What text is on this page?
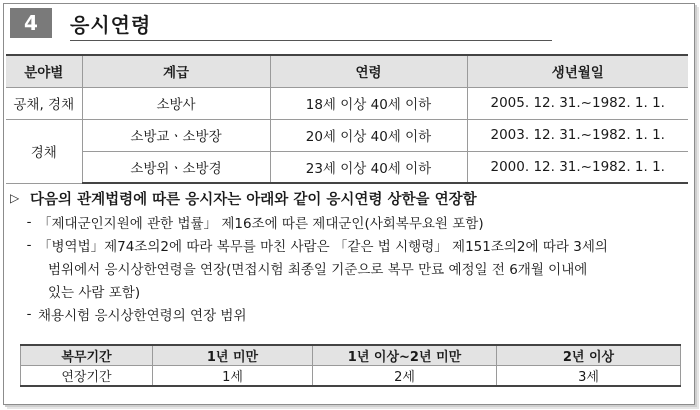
4	응시연령
분야별	계급	연령	생년월일
공채, 경채	소방사	18세 이상 40세 이하	2005. 12. 31.~1982. 1. 1.
경채	소방교ㆍ소방장	20세 이상 40세 이하	2003. 12. 31.~1982. 1. 1.
	소방위ㆍ소방경	23세 이상 40세 이하	2000. 12. 31.~1982. 1. 1.
▷ 다음의 관계법령에 따른 응시자는 아래와 같이 응시연령 상한을 연장함
- 「제대군인지원에 관한 법률」 제16조에 따른 제대군인(사회복무요원 포함)
- 「병역법」제74조의2에 따라 복무를 마친 사람은 「같은 법 시행령」 제151조의2에 따라 3세의
범위에서 응시상한연령을 연장(면접시험 최종일 기준으로 복무 만료 예정일 전 6개월 이내에
있는 사람 포함)
- 채용시험 응시상한연령의 연장 범위
복무기간	1년 미만	1년 이상~2년 미만	2년 이상
연장기간	1세	2세	3세
